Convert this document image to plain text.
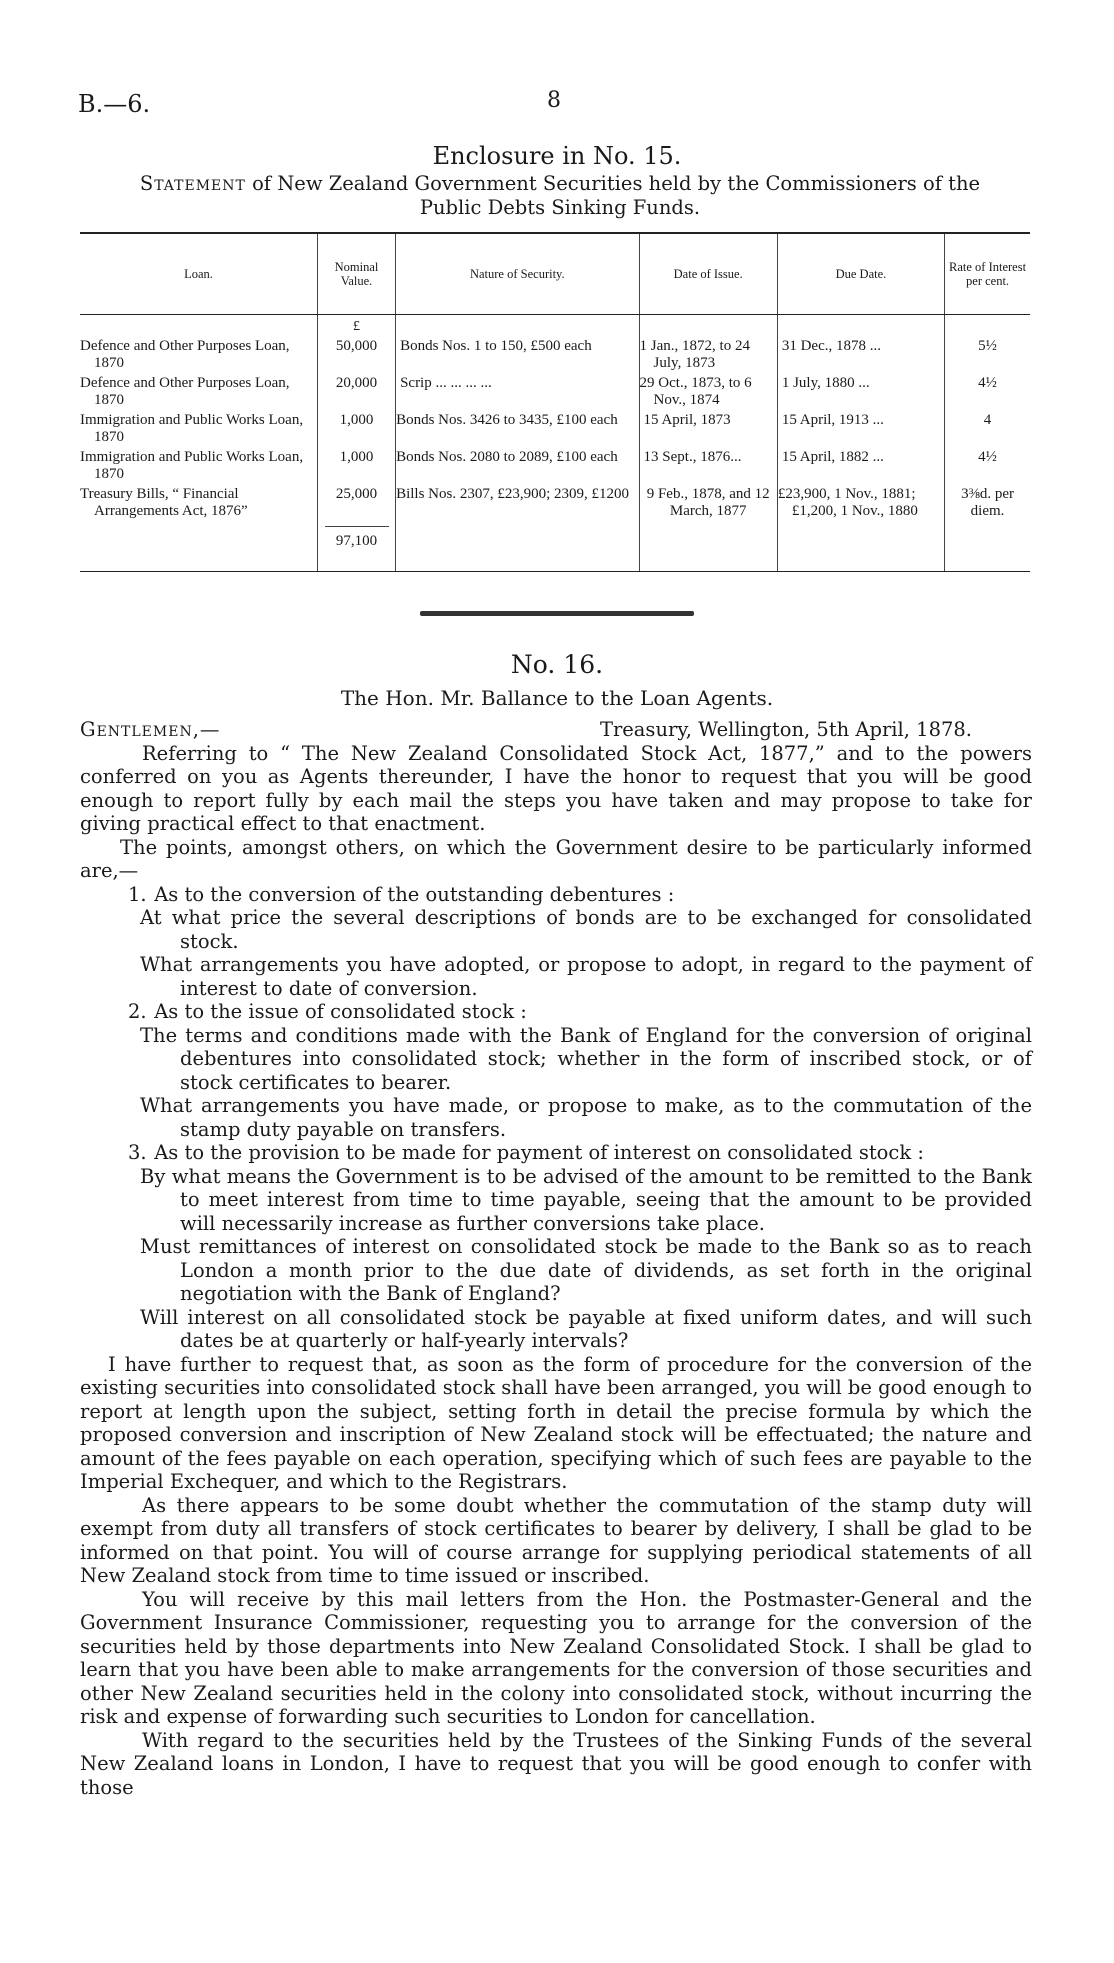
B.—6.	8
Enclosure in No. 15.
Statement of New Zealand Government Securities held by the Commissioners of the Public Debts Sinking Funds.
Loan.	Nominal Value.	Nature of Security.	Date of Issue.	Due Date.	Rate of Interest per cent.
	£				
Defence and Other Purposes Loan, 1870	50,000	Bonds Nos. 1 to 150, £500 each	1 Jan., 1872, to 24 July, 1873	31 Dec., 1878 ...	5½
Defence and Other Purposes Loan, 1870	20,000	Scrip ... ... ... ...	29 Oct., 1873, to 6 Nov., 1874	1 July, 1880 ...	4½
Immigration and Public Works Loan, 1870	1,000	Bonds Nos. 3426 to 3435, £100 each	15 April, 1873	15 April, 1913 ...	4
Immigration and Public Works Loan, 1870	1,000	Bonds Nos. 2080 to 2089, £100 each	13 Sept., 1876...	15 April, 1882 ...	4½
Treasury Bills, “ Financial Arrangements Act, 1876”	25,000	Bills Nos. 2307, £23,900; 2309, £1200	9 Feb., 1878, and 12 March, 1877	£23,900, 1 Nov., 1881; £1,200, 1 Nov., 1880	3⅜d. per diem.
	97,100				
No. 16.
The Hon. Mr. Ballance to the Loan Agents.

Gentlemen,—	Treasury, Wellington, 5th April, 1878.

Referring to “ The New Zealand Consolidated Stock Act, 1877,” and to the powers conferred on you as Agents thereunder, I have the honor to request that you will be good enough to report fully by each mail the steps you have taken and may propose to take for giving practical effect to that enactment.

The points, amongst others, on which the Government desire to be particularly informed are,—

1. As to the conversion of the outstanding debentures :

At what price the several descriptions of bonds are to be exchanged for consolidated stock.

What arrangements you have adopted, or propose to adopt, in regard to the payment of interest to date of conversion.

2. As to the issue of consolidated stock :

The terms and conditions made with the Bank of England for the conversion of original debentures into consolidated stock; whether in the form of inscribed stock, or of stock certificates to bearer.

What arrangements you have made, or propose to make, as to the commutation of the stamp duty payable on transfers.

3. As to the provision to be made for payment of interest on consolidated stock :

By what means the Government is to be advised of the amount to be remitted to the Bank to meet interest from time to time payable, seeing that the amount to be provided will necessarily increase as further conversions take place.

Must remittances of interest on consolidated stock be made to the Bank so as to reach London a month prior to the due date of dividends, as set forth in the original negotiation with the Bank of England?

Will interest on all consolidated stock be payable at fixed uniform dates, and will such dates be at quarterly or half-yearly intervals?

I have further to request that, as soon as the form of procedure for the conversion of the existing securities into consolidated stock shall have been arranged, you will be good enough to report at length upon the subject, setting forth in detail the precise formula by which the proposed conversion and inscription of New Zealand stock will be effectuated; the nature and amount of the fees payable on each operation, specifying which of such fees are payable to the Imperial Exchequer, and which to the Registrars.

As there appears to be some doubt whether the commutation of the stamp duty will exempt from duty all transfers of stock certificates to bearer by delivery, I shall be glad to be informed on that point. You will of course arrange for supplying periodical statements of all New Zealand stock from time to time issued or inscribed.

You will receive by this mail letters from the Hon. the Postmaster-General and the Government Insurance Commissioner, requesting you to arrange for the conversion of the securities held by those departments into New Zealand Consolidated Stock. I shall be glad to learn that you have been able to make arrangements for the conversion of those securities and other New Zealand securities held in the colony into consolidated stock, without incurring the risk and expense of forwarding such securities to London for cancellation.

With regard to the securities held by the Trustees of the Sinking Funds of the several New Zealand loans in London, I have to request that you will be good enough to confer with those
